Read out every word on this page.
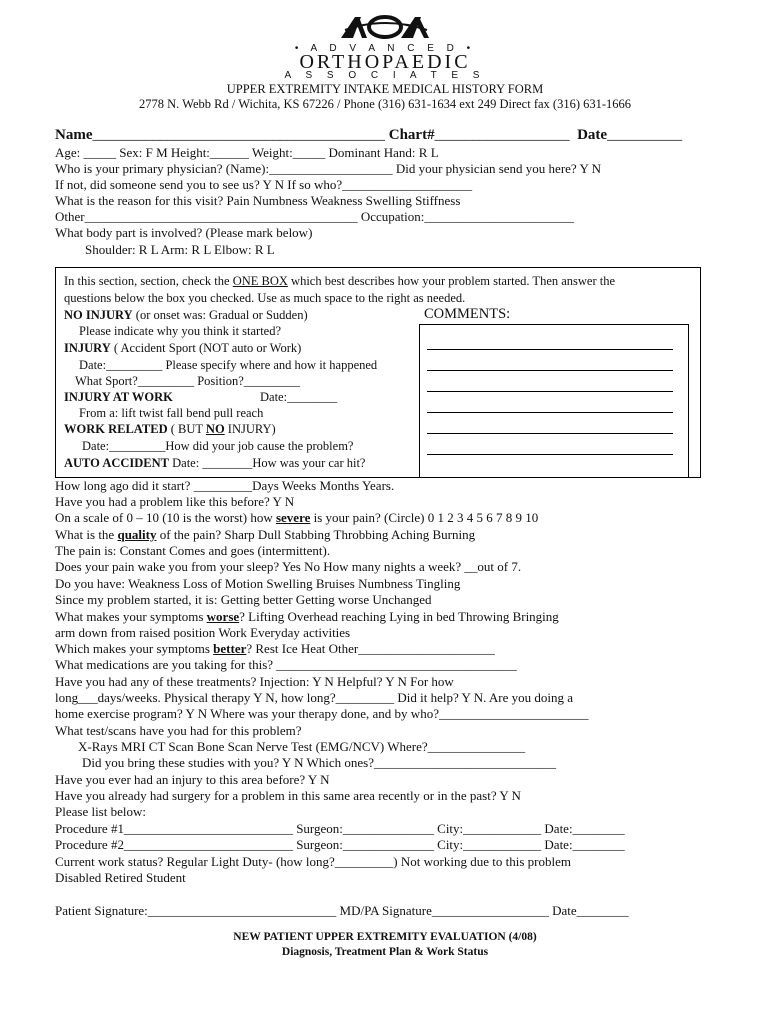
• A D V A N C E D •
ORTHOPAEDIC
A S S O C I A T E S
UPPER EXTREMITY INTAKE MEDICAL HISTORY FORM
2778 N. Webb Rd / Wichita, KS 67226 / Phone (316) 631-1634 ext 249 Direct fax (316) 631-1666
Name_______________________________________ Chart#__________________ Date__________
Age: _____ Sex: F M Height:______ Weight:_____ Dominant Hand: R L
Who is your primary physician? (Name):___________________ Did your physician send you here? Y N
If not, did someone send you to see us? Y N If so who?____________________
What is the reason for this visit? Pain Numbness Weakness Swelling Stiffness
Other__________________________________________ Occupation:_______________________
What body part is involved? (Please mark below)
Shoulder: R L Arm: R L Elbow: R L
In this section, section, check the ONE BOX which best describes how your problem started. Then answer the
questions below the box you checked. Use as much space to the right as needed.
NO INJURY (or onset was: Gradual or Sudden)	COMMENTS:
Please indicate why you think it started?
INJURY ( Accident Sport (NOT auto or Work)
Date:_________ Please specify where and how it happened
What Sport?_________ Position?_________
INJURY AT WORK	Date:________
From a: lift twist fall bend pull reach
WORK RELATED ( BUT NO INJURY)
Date:_________How did your job cause the problem?
AUTO ACCIDENT Date: ________How was your car hit?
How long ago did it start? _________Days Weeks Months Years.
Have you had a problem like this before? Y N
On a scale of 0 – 10 (10 is the worst) how severe is your pain? (Circle) 0 1 2 3 4 5 6 7 8 9 10
What is the quality of the pain? Sharp Dull Stabbing Throbbing Aching Burning
The pain is: Constant Comes and goes (intermittent).
Does your pain wake you from your sleep? Yes No How many nights a week? __out of 7.
Do you have: Weakness Loss of Motion Swelling Bruises Numbness Tingling
Since my problem started, it is: Getting better Getting worse Unchanged
What makes your symptoms worse? Lifting Overhead reaching Lying in bed Throwing Bringing
arm down from raised position Work Everyday activities
Which makes your symptoms better? Rest Ice Heat Other_____________________
What medications are you taking for this? _____________________________________
Have you had any of these treatments? Injection: Y N Helpful? Y N For how
long___days/weeks. Physical therapy Y N, how long?_________ Did it help? Y N. Are you doing a
home exercise program? Y N Where was your therapy done, and by who?_______________________
What test/scans have you had for this problem?
X-Rays MRI CT Scan Bone Scan Nerve Test (EMG/NCV) Where?_______________
Did you bring these studies with you? Y N Which ones?____________________________
Have you ever had an injury to this area before? Y N
Have you already had surgery for a problem in this same area recently or in the past? Y N
Please list below:
Procedure #1__________________________ Surgeon:______________ City:____________ Date:________
Procedure #2__________________________ Surgeon:______________ City:____________ Date:________
Current work status? Regular Light Duty- (how long?_________) Not working due to this problem
Disabled Retired Student
Patient Signature:_____________________________ MD/PA Signature__________________ Date________
NEW PATIENT UPPER EXTREMITY EVALUATION (4/08)
Diagnosis, Treatment Plan & Work Status
